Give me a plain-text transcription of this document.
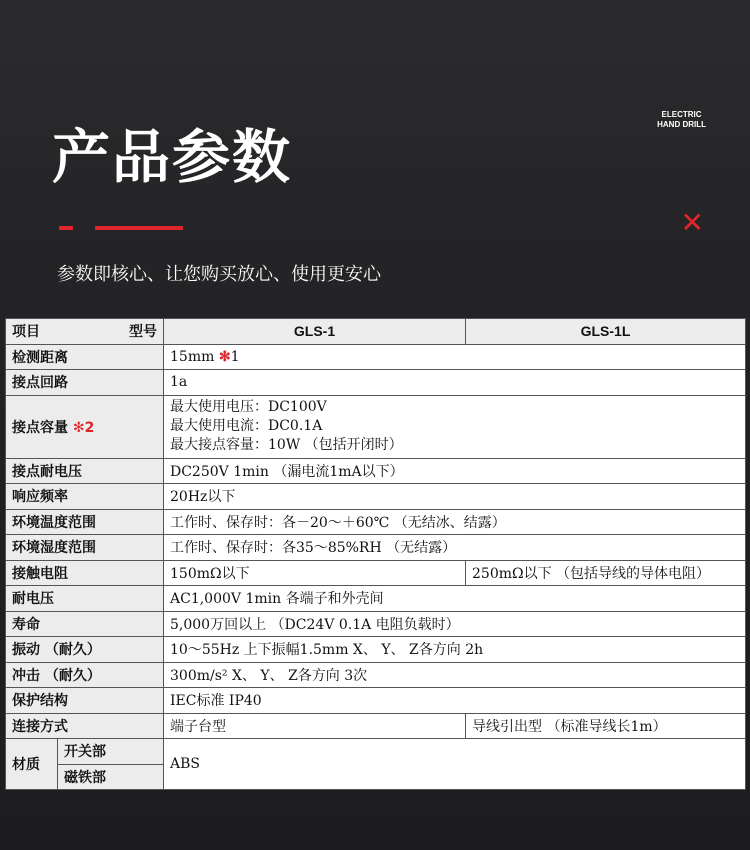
产品参数
ELECTRIC
HAND DRILL
✕
参数即核心、让您购买放心、使用更安心
项目 型号		GLS-1	GLS-1L
检测距离		15mm ✻1	
接点回路		1a	
接点容量 ✻2		最大使用电压：DC100V
最大使用电流：DC0.1A
最大接点容量：10W （包括开闭时）	

接点耐电压		DC250V 1min （漏电流1mA以下）	
响应频率		20Hz以下	
环境温度范围		工作时、保存时：各－20～＋60℃ （无结冰、结露）	
环境湿度范围		工作时、保存时：各35～85%RH （无结露）	
接触电阻		150mΩ以下	250mΩ以下 （包括导线的导体电阻）
耐电压		AC1,000V 1min 各端子和外壳间	
寿命		5,000万回以上 （DC24V 0.1A 电阻负载时）	
振动 （耐久）		10～55Hz 上下振幅1.5mm X、 Y、 Z各方向 2h	
冲击 （耐久）		300m/s² X、 Y、 Z各方向 3次	
保护结构		IEC标准 IP40	
连接方式		端子台型	导线引出型 （标准导线长1m）
材质	开关部	ABS	
	磁铁部		
